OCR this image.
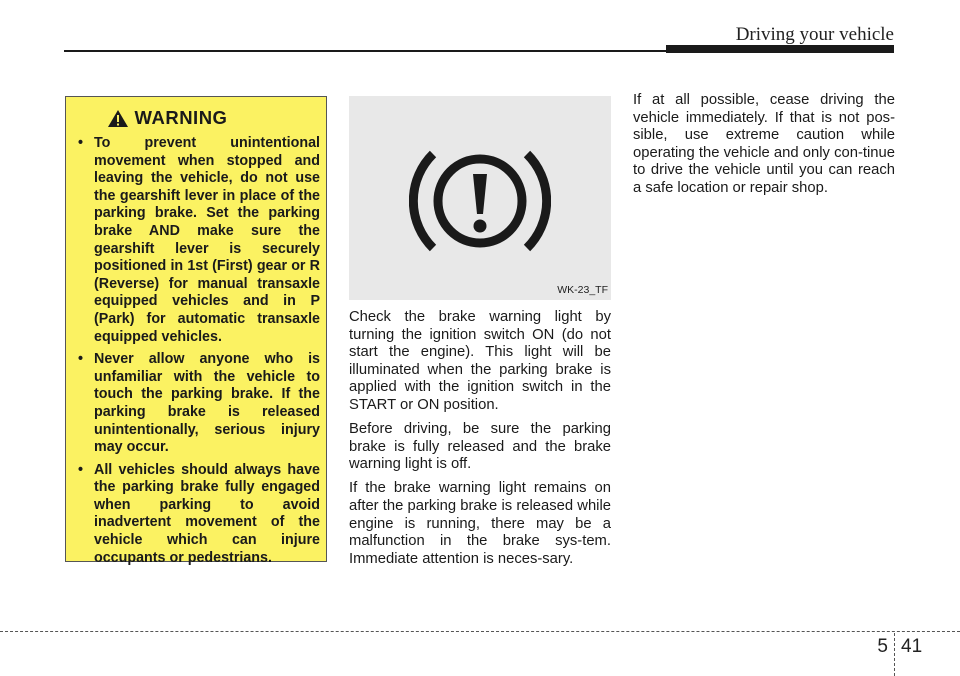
Driving your vehicle
WARNING
• To prevent unintentional movement when stopped and leaving the vehicle, do not use the gearshift lever in place of the parking brake. Set the parking brake AND make sure the gearshift lever is securely positioned in 1st (First) gear or R (Reverse) for manual transaxle equipped vehicles and in P (Park) for automatic transaxle equipped vehicles.
• Never allow anyone who is unfamiliar with the vehicle to touch the parking brake. If the parking brake is released unintentionally, serious injury may occur.
• All vehicles should always have the parking brake fully engaged when parking to avoid inadvertent movement of the vehicle which can injure occupants or pedestrians.
WK-23_TF

Check the brake warning light by turning the ignition switch ON (do not start the engine). This light will be illuminated when the parking brake is applied with the ignition switch in the START or ON position.

Before driving, be sure the parking brake is fully released and the brake warning light is off.

If the brake warning light remains on after the parking brake is released while engine is running, there may be a malfunction in the brake sys-tem. Immediate attention is neces-sary.

If at all possible, cease driving the vehicle immediately. If that is not pos-sible, use extreme caution while operating the vehicle and only con-tinue to drive the vehicle until you can reach a safe location or repair shop.

5 41
